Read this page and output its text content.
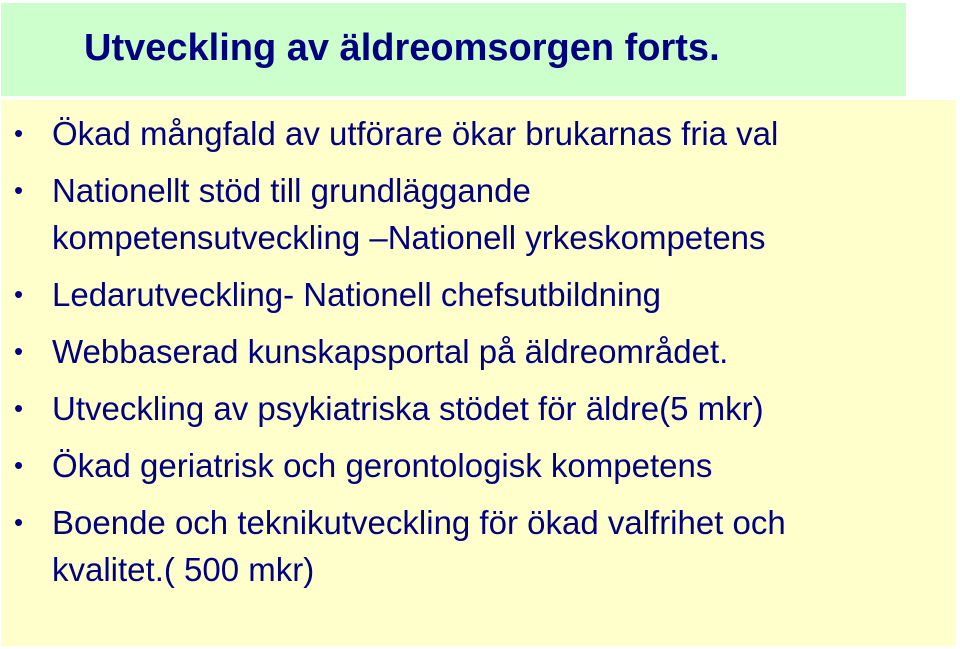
Utveckling av äldreomsorgen forts.
• Ökad mångfald av utförare ökar brukarnas fria val
• Nationellt stöd till grundläggande
kompetensutveckling –Nationell yrkeskompetens
• Ledarutveckling- Nationell chefsutbildning
• Webbaserad kunskapsportal på äldreområdet.
• Utveckling av psykiatriska stödet för äldre(5 mkr)
• Ökad geriatrisk och gerontologisk kompetens
• Boende och teknikutveckling för ökad valfrihet och
kvalitet.( 500 mkr)
